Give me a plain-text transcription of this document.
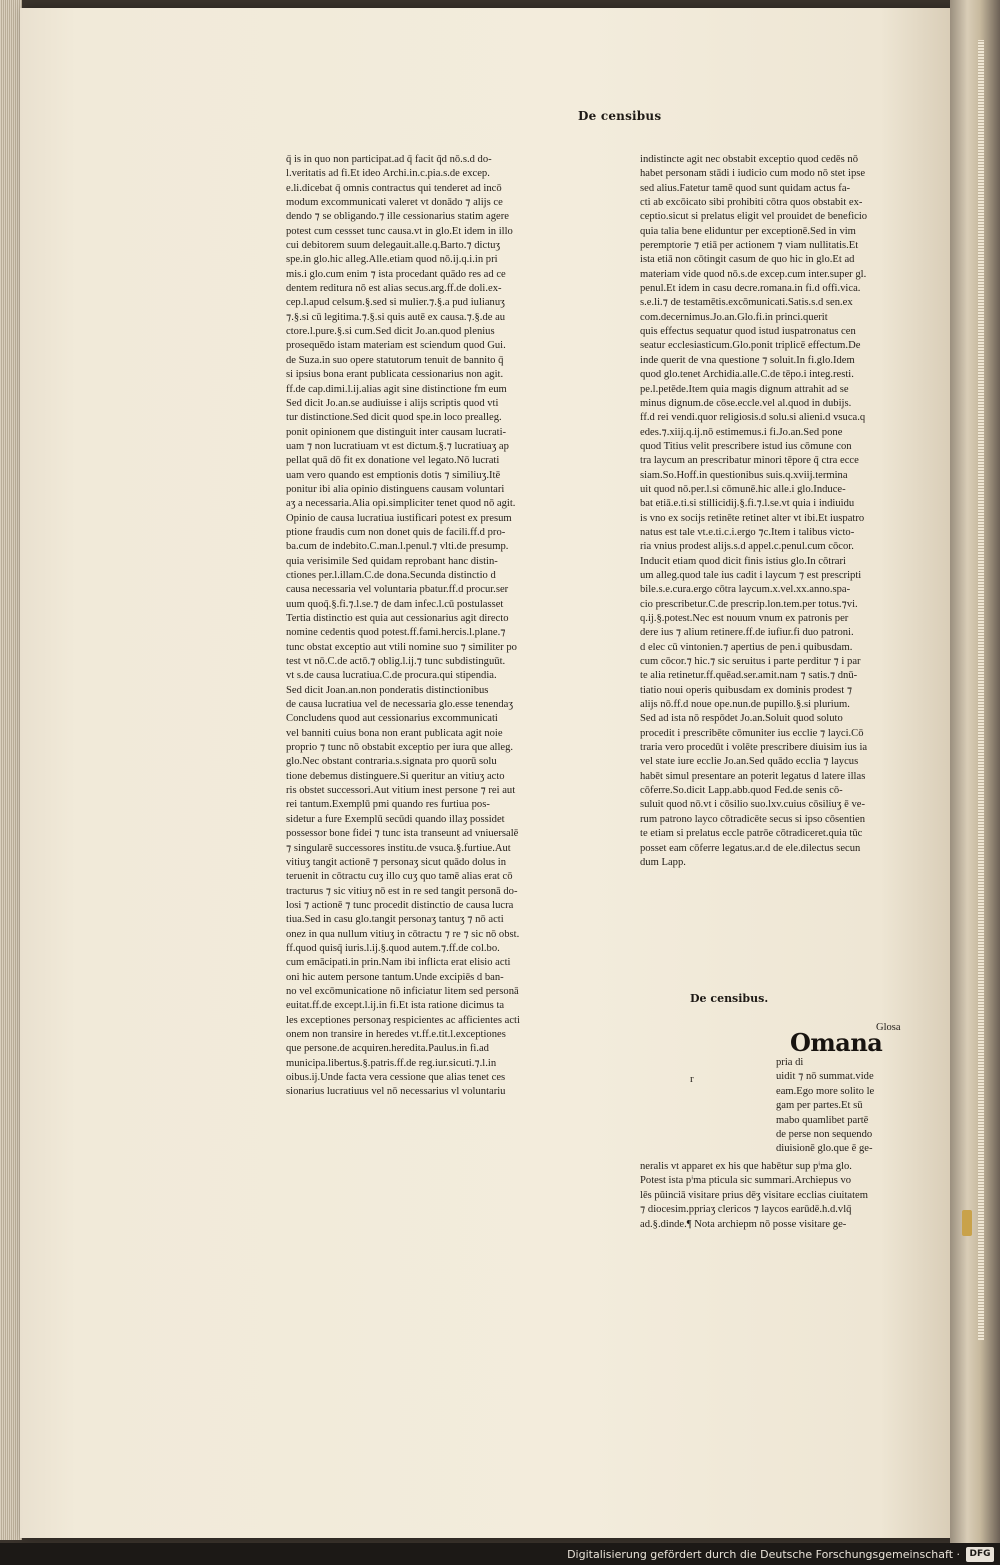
De censibus
q̄ is in quo non participat.ad q̄ facit q̄d nō.s.d do-
l.veritatis ad fi.Et ideo Archi.in.c.pia.s.de excep.
e.li.dicebat q̄ omnis contractus qui tenderet ad incō
modum excommunicati valeret vt donādo ⁊ alijs ce
dendo ⁊ se obligando.⁊ ille cessionarius statim agere
potest cum cessset tunc causa.vt in glo.Et idem in illo
cui debitorem suum delegauit.alle.q.Barto.⁊ dictuʒ
spe.in glo.hic alleg.Alle.etiam quod nō.ij.q.i.in pri
mis.i glo.cum enim ⁊ ista procedant quādo res ad ce
dentem reditura nō est alias secus.arg.ff.de doli.ex-
cep.l.apud celsum.§.sed si mulier.⁊.§.a pud iulianuʒ
⁊.§.si cū legitima.⁊.§.si quis autē ex causa.⁊.§.de au
ctore.l.pure.§.si cum.Sed dicit Jo.an.quod plenius
prosequēdo istam materiam est sciendum quod Gui.
de Suza.in suo opere statutorum tenuit de bannito q̄
si ipsius bona erant publicata cessionarius non agit.
ff.de cap.dimi.l.ij.alias agit sine distinctione fm eum
Sed dicit Jo.an.se audiuisse i alijs scriptis quod vti
tur distinctione.Sed dicit quod spe.in loco prealleg.
ponit opinionem que distinguit inter causam lucrati-
uam ⁊ non lucratiuam vt est dictum.§.⁊ lucratiuaʒ ap
pellat quā dō fit ex donatione vel legato.Nō lucrati
uam vero quando est emptionis dotis ⁊ similiuʒ.Itē
ponitur ibi alia opinio distinguens causam voluntari
aʒ a necessaria.Alia opi.simpliciter tenet quod nō agit.
Opinio de causa lucratiua iustificari potest ex presum
ptione fraudis cum non donet quis de facili.ff.d pro-
ba.cum de indebito.C.man.l.penul.⁊ vlti.de presump.
quia verisimile Sed quidam reprobant hanc distin-
ctiones per.l.illam.C.de dona.Secunda distinctio d
causa necessaria vel voluntaria pbatur.ff.d procur.ser
uum quoq̄.§.fi.⁊.l.se.⁊ de dam infec.l.cū postulasset
Tertia distinctio est quia aut cessionarius agit directo
nomine cedentis quod potest.ff.fami.hercis.l.plane.⁊
tunc obstat exceptio aut vtili nomine suo ⁊ similiter po
test vt nō.C.de actō.⁊ oblig.l.ij.⁊ tunc subdistinguūt.
vt s.de causa lucratiua.C.de procura.qui stipendia.
Sed dicit Joan.an.non ponderatis distinctionibus
de causa lucratiua vel de necessaria glo.esse tenendaʒ
Concludens quod aut cessionarius excommunicati
vel banniti cuius bona non erant publicata agit noie
proprio ⁊ tunc nō obstabit exceptio per iura que alleg.
glo.Nec obstant contraria.s.signata pro quorū solu
tione debemus distinguere.Si queritur an vitiuʒ acto
ris obstet successori.Aut vitium inest persone ⁊ rei aut
rei tantum.Exemplū pmi quando res furtiua pos-
sidetur a fure Exemplū secūdi quando illaʒ possidet
possessor bone fidei ⁊ tunc ista transeunt ad vniuersalē
⁊ singularē successores institu.de vsuca.§.furtiue.Aut
vitiuʒ tangit actionē ⁊ personaʒ sicut quādo dolus in
teruenit in cōtractu cuʒ illo cuʒ quo tamē alias erat cō
tracturus ⁊ sic vitiuʒ nō est in re sed tangit personā do-
losi ⁊ actionē ⁊ tunc procedit distinctio de causa lucra
tiua.Sed in casu glo.tangit personaʒ tantuʒ ⁊ nō acti
onez in qua nullum vitiuʒ in cōtractu ⁊ re ⁊ sic nō obst.
ff.quod quisq̄ iuris.l.ij.§.quod autem.⁊.ff.de col.bo.
cum emācipati.in prin.Nam ibi inflicta erat elisio acti
oni hic autem persone tantum.Unde excipiēs d ban-
no vel excōmunicatione nō inficiatur litem sed personā
euitat.ff.de except.l.ij.in fi.Et ista ratione dicimus ta
les exceptiones personaʒ respicientes ac afficientes acti
onem non transire in heredes vt.ff.e.tit.l.exceptiones
que persone.de acquiren.heredita.Paulus.in fi.ad
municipa.libertus.§.patris.ff.de reg.iur.sicuti.⁊.l.in
oibus.ij.Unde facta vera cessione que alias tenet ces
sionarius lucratiuus vel nō necessarius vl voluntariu
indistincte agit nec obstabit exceptio quod cedēs nō
habet personam stādi i iudicio cum modo nō stet ipse
sed alius.Fatetur tamē quod sunt quidam actus fa-
cti ab excōicato sibi prohibiti cōtra quos obstabit ex-
ceptio.sicut si prelatus eligit vel prouidet de beneficio
quia talia bene eliduntur per exceptionē.Sed in vim
peremptorie ⁊ etiā per actionem ⁊ viam nullitatis.Et
ista etiā non cōtingit casum de quo hic in glo.Et ad
materiam vide quod nō.s.de excep.cum inter.super gl.
penul.Et idem in casu decre.romana.in fi.d offi.vica.
s.e.li.⁊ de testamētis.excōmunicati.Satis.s.d sen.ex
com.decernimus.Jo.an.Glo.fi.in princi.querit
quis effectus sequatur quod istud iuspatronatus cen
seatur ecclesiasticum.Glo.ponit triplicē effectum.De
inde querit de vna questione ⁊ soluit.In fi.glo.Idem
quod glo.tenet Archidia.alle.C.de tēpo.i integ.resti.
pe.l.petēde.Item quia magis dignum attrahit ad se
minus dignum.de cōse.eccle.vel al.quod in dubijs.
ff.d rei vendi.quor religiosis.d solu.si alieni.d vsuca.q
edes.⁊.xiij.q.ij.nō estimemus.i fi.Jo.an.Sed pone
quod Titius velit prescribere istud ius cōmune con
tra laycum an prescribatur minori tēpore q̄ ctra ecce
siam.So.Hoff.in questionibus suis.q.xviij.termina
uit quod nō.per.l.si cōmunē.hic alle.i glo.Induce-
bat etiā.e.ti.si stillicidij.§.fi.⁊.l.se.vt quia i indiuidu
is vno ex socijs retinēte retinet alter vt ibi.Et iuspatro
natus est tale vt.e.ti.c.i.ergo ⁊c.Item i talibus victo-
ria vnius prodest alijs.s.d appel.c.penul.cum cōcor.
Inducit etiam quod dicit finis istius glo.In cōtrari
um alleg.quod tale ius cadit i laycum ⁊ est prescripti
bile.s.e.cura.ergo cōtra laycum.x.vel.xx.anno.spa-
cio prescribetur.C.de prescrip.lon.tem.per totus.⁊vi.
q.ij.§.potest.Nec est nouum vnum ex patronis per
dere ius ⁊ alium retinere.ff.de iufiur.fi duo patroni.
d elec cū vintonien.⁊ apertius de pen.i quibusdam.
cum cōcor.⁊ hic.⁊ sic seruitus i parte perditur ⁊ i par
te alia retinetur.ff.quēad.ser.amit.nam ⁊ satis.⁊ dnū-
tiatio noui operis quibusdam ex dominis prodest ⁊
alijs nō.ff.d noue ope.nun.de pupillo.§.si plurium.
Sed ad ista nō respōdet Jo.an.Soluit quod soluto
procedit i prescribēte cōmuniter ius ecclie ⁊ layci.Cō
traria vero procedūt i volēte prescribere diuisim ius ia
vel state iure ecclie Jo.an.Sed quādo ecclia ⁊ laycus
habēt simul presentare an poterit legatus d latere illas
cōferre.So.dicit Lapp.abb.quod Fed.de senis cō-
suluit quod nō.vt i cōsilio suo.lxv.cuius cōsiliuʒ ē ve-
rum patrono layco cōtradicēte secus si ipso cōsentien
te etiam si prelatus eccle patrōe cōtradiceret.quia tūc
posset eam cōferre legatus.ar.d de ele.dilectus secun
dum Lapp.
De censibus.
Glosa
Omana
r
pria di
uidit ⁊ nō summat.vide
eam.Ego more solito le
gam per partes.Et sū
mabo quamlibet partē
de perse non sequendo
diuisionē glo.que ē ge-
neralis vt apparet ex his que habētur sup pⁱma glo.
Potest ista pⁱma pticula sic summari.Archiepus vo
lēs pūinciā visitare prius dēʒ visitare ecclias ciuitatem
⁊ diocesim.ppriaʒ clericos ⁊ laycos earūdē.h.d.vlq̄
ad.§.dinde.¶ Nota archiepm nō posse visitare ge-
Digitalisierung gefördert durch die Deutsche Forschungsgemeinschaft ·	DFG
